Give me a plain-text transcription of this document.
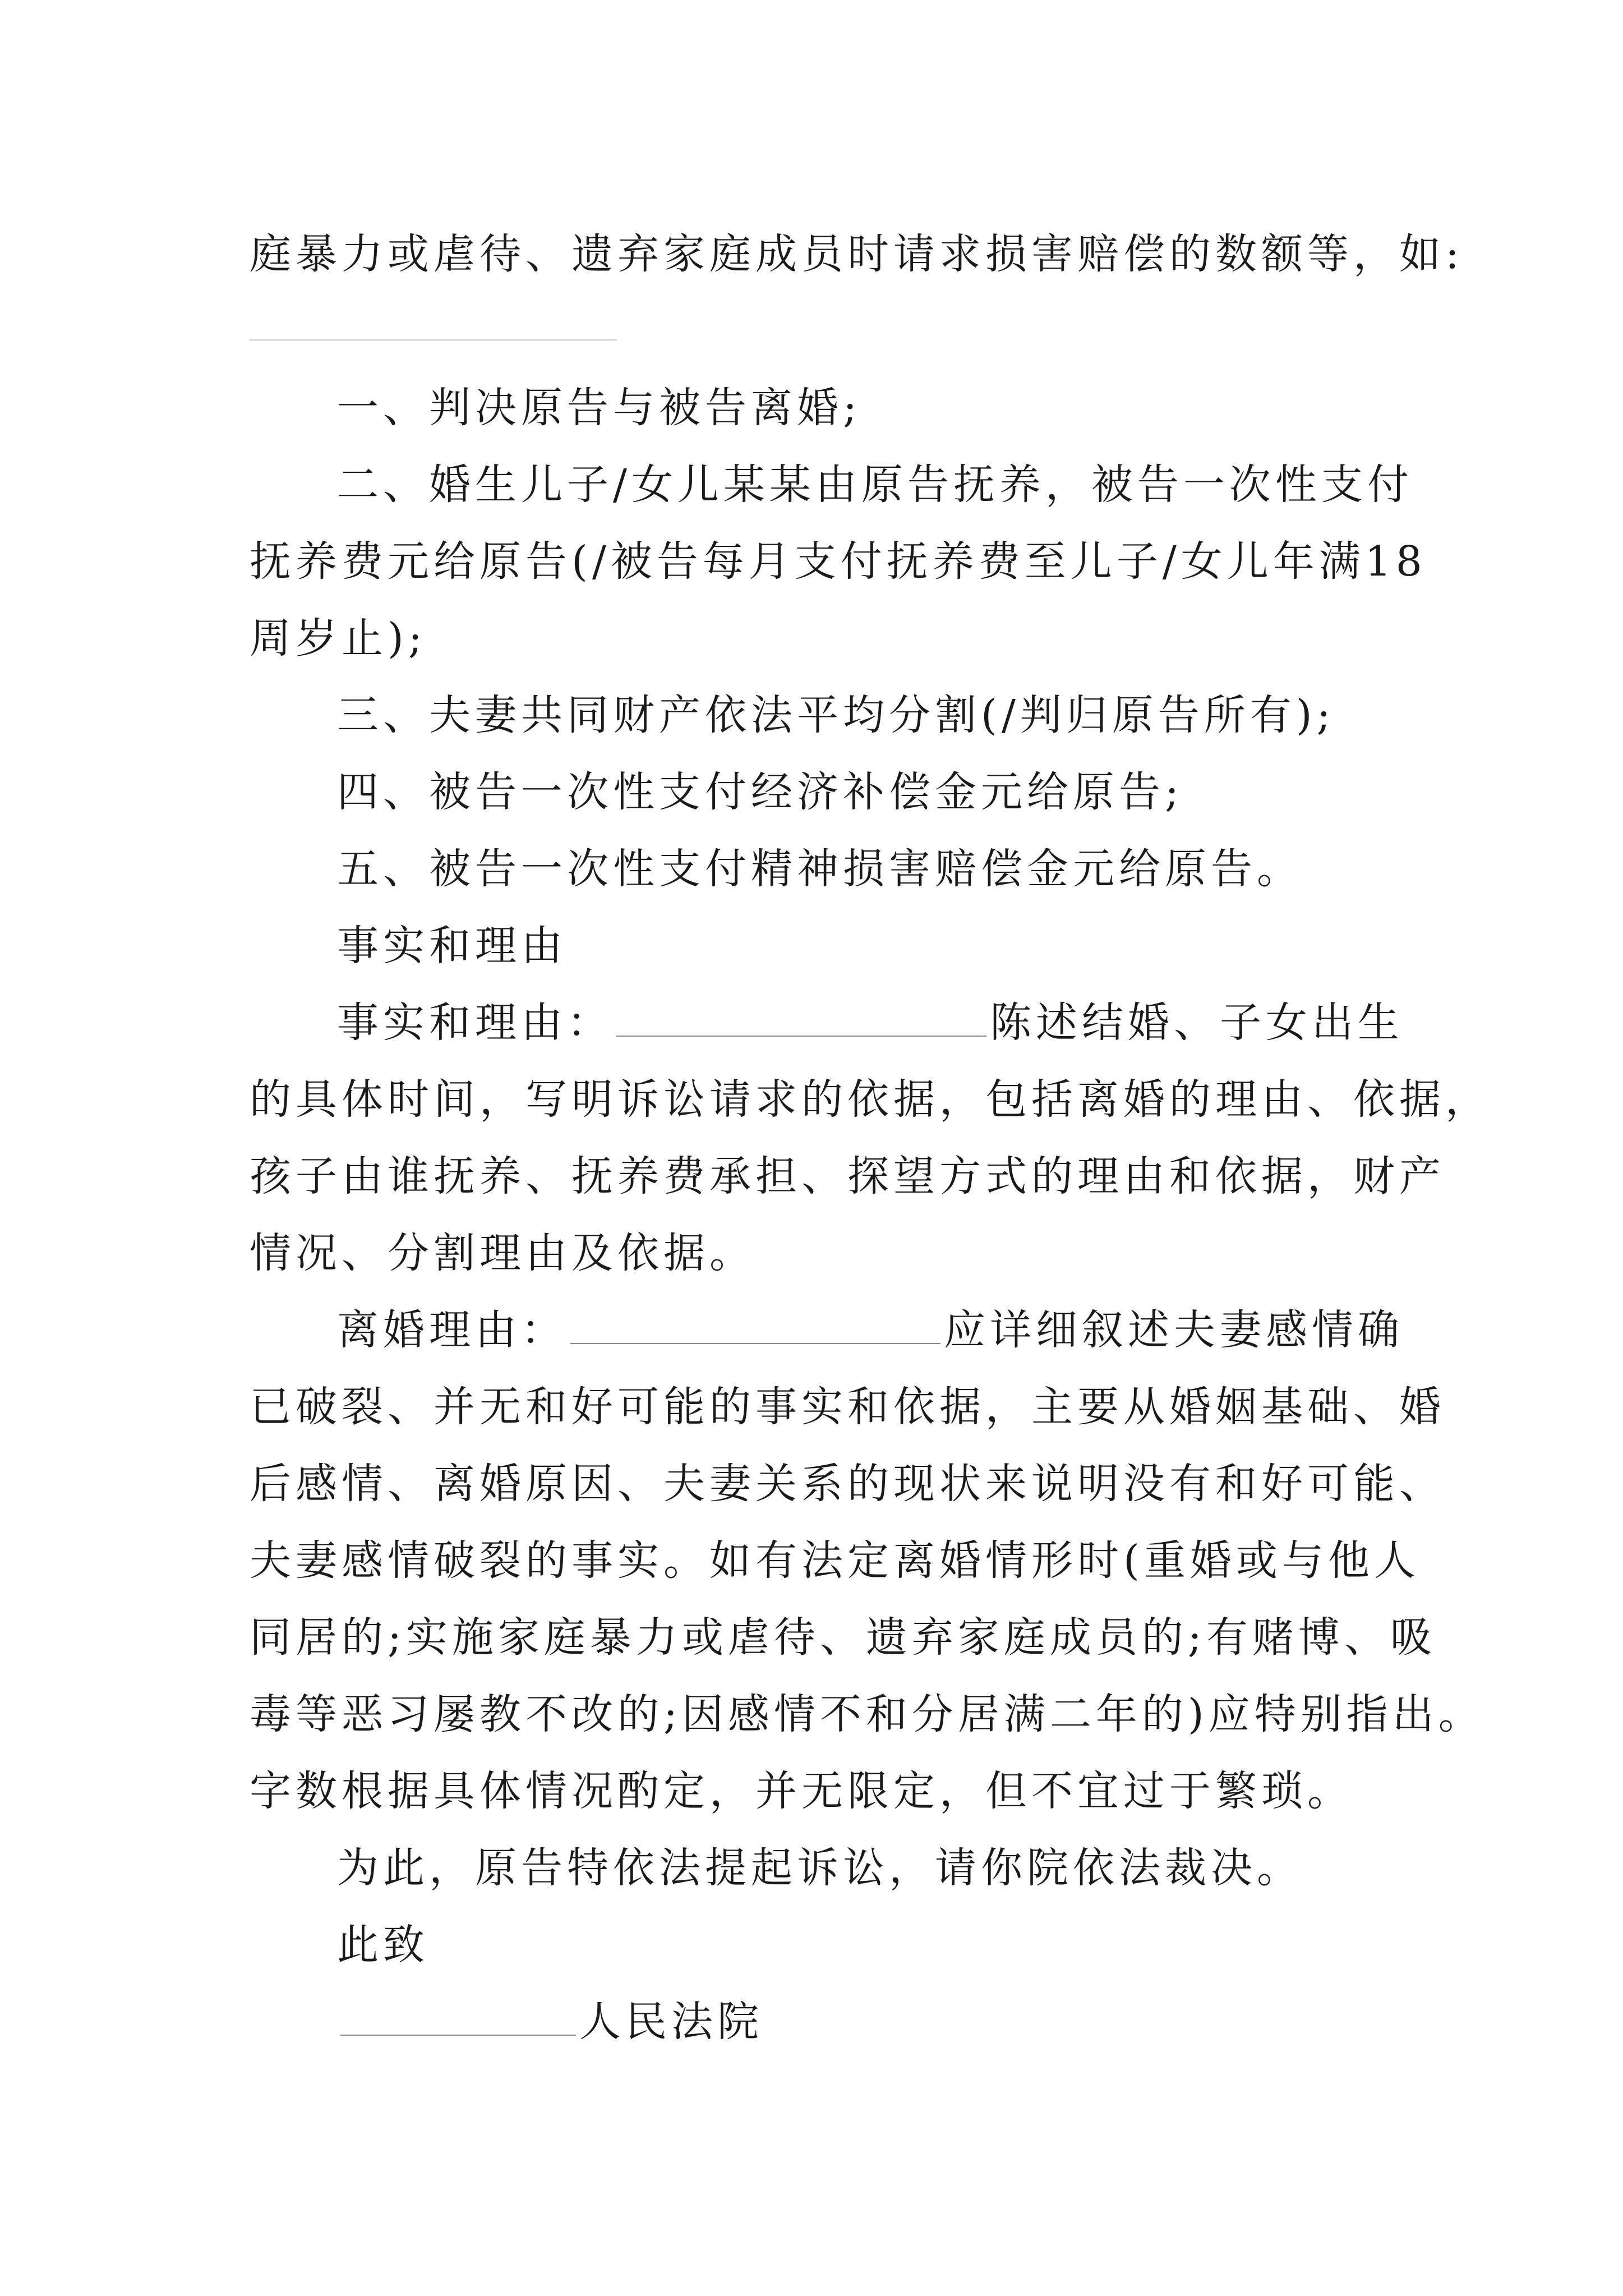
庭暴力或虐待、遗弃家庭成员时请求损害赔偿的数额等，如:
一、判决原告与被告离婚;
二、婚生儿子/女儿某某由原告抚养，被告一次性支付
抚养费元给原告(/被告每月支付抚养费至儿子/女儿年满18
周岁止);
三、夫妻共同财产依法平均分割(/判归原告所有);
四、被告一次性支付经济补偿金元给原告;
五、被告一次性支付精神损害赔偿金元给原告。
事实和理由
事实和理由：	陈述结婚、子女出生
的具体时间，写明诉讼请求的依据，包括离婚的理由、依据，
孩子由谁抚养、抚养费承担、探望方式的理由和依据，财产
情况、分割理由及依据。
离婚理由：	应详细叙述夫妻感情确
已破裂、并无和好可能的事实和依据，主要从婚姻基础、婚
后感情、离婚原因、夫妻关系的现状来说明没有和好可能、
夫妻感情破裂的事实。如有法定离婚情形时(重婚或与他人
同居的;实施家庭暴力或虐待、遗弃家庭成员的;有赌博、吸
毒等恶习屡教不改的;因感情不和分居满二年的)应特别指出。
字数根据具体情况酌定，并无限定，但不宜过于繁琐。
为此，原告特依法提起诉讼，请你院依法裁决。
此致
人民法院
